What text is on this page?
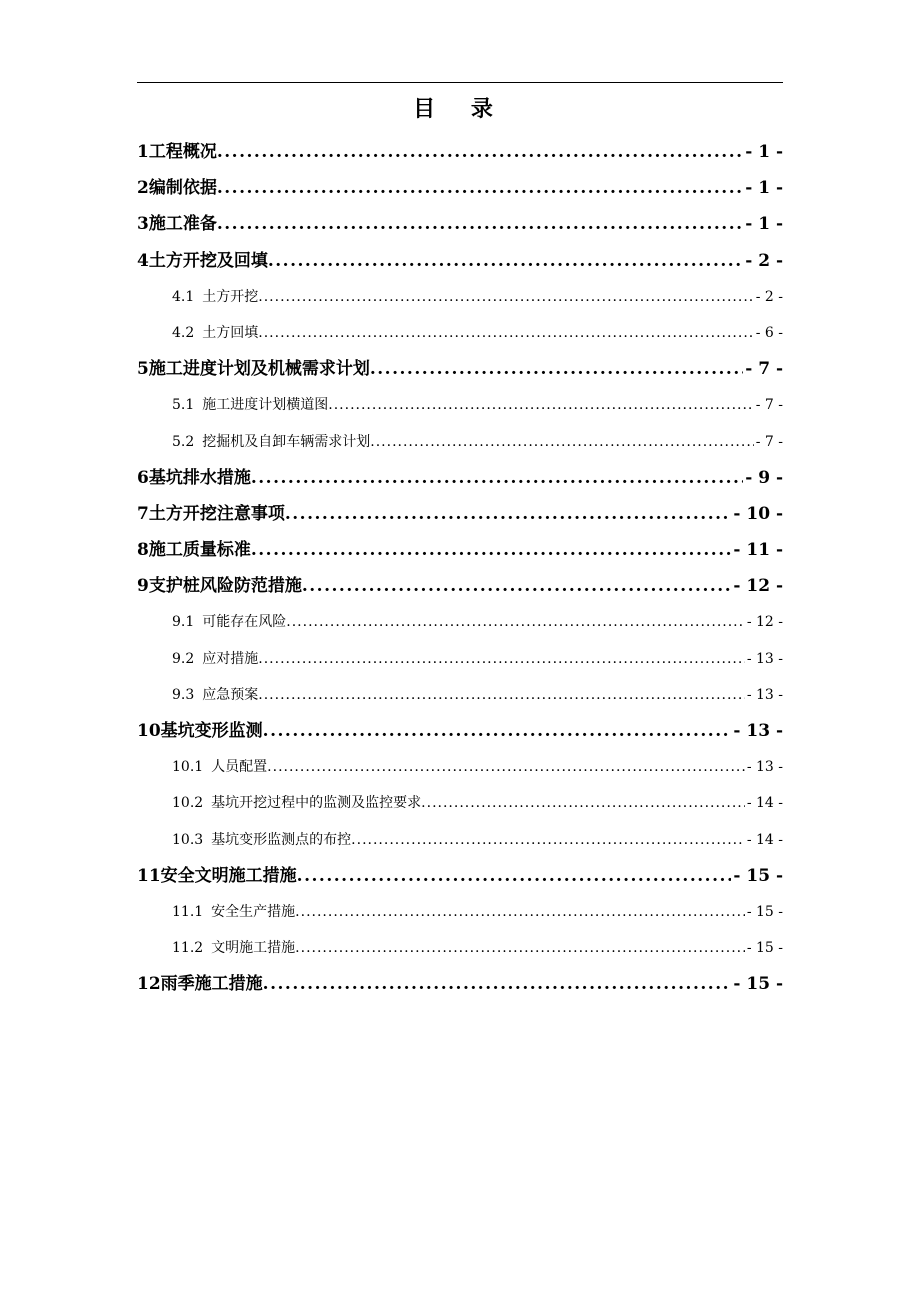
目 录
1 工程概况 .....	- 1 -
2 编制依据 .....	- 1 -
3 施工准备 .....	- 1 -
4 土方开挖及回填 .....	- 2 -
4.1 土方开挖 .....	- 2 -
4.2 土方回填 .....	- 6 -
5 施工进度计划及机械需求计划 .....	- 7 -
5.1 施工进度计划横道图 .....	- 7 -
5.2 挖掘机及自卸车辆需求计划 .....	- 7 -
6 基坑排水措施 .....	- 9 -
7 土方开挖注意事项 .....	- 10 -
8 施工质量标准 .....	- 11 -
9 支护桩风险防范措施 .....	- 12 -
9.1 可能存在风险 .....	- 12 -
9.2 应对措施 .....	- 13 -
9.3 应急预案 .....	- 13 -
10 基坑变形监测 .....	- 13 -
10.1 人员配置 .....	- 13 -
10.2 基坑开挖过程中的监测及监控要求 .....	- 14 -
10.3 基坑变形监测点的布控 .....	- 14 -
11 安全文明施工措施 .....	- 15 -
11.1 安全生产措施 .....	- 15 -
11.2 文明施工措施 .....	- 15 -
12 雨季施工措施 .....	- 15 -
